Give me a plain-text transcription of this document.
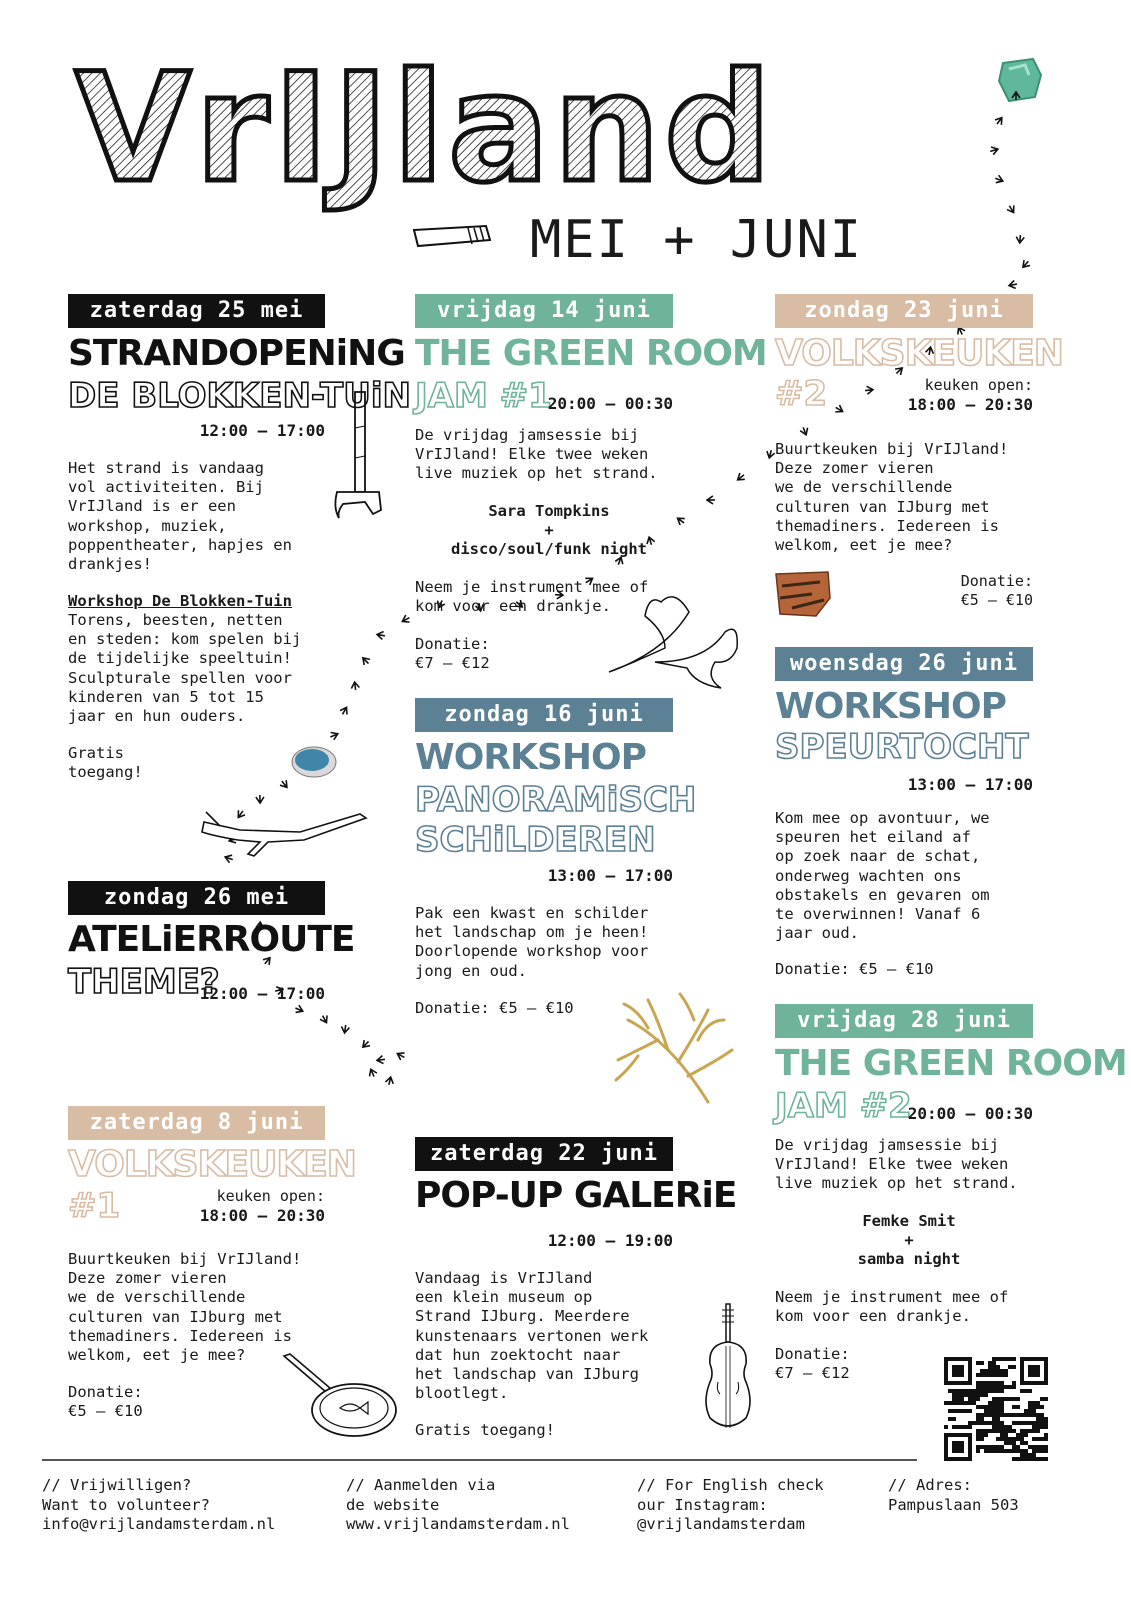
VrIJland
MEI + JUNI
zaterdag 25 mei
STRANDOPENiNG
DE BLOKKEN-TUiN
12:00 – 17:00
Het strand is vandaag
vol activiteiten. Bij
VrIJland is er een
workshop, muziek,
poppentheater, hapjes en
drankjes!
Workshop De Blokken-Tuin
Torens, beesten, netten
en steden: kom spelen bij
de tijdelijke speeltuin!
Sculpturale spellen voor
kinderen van 5 tot 15
jaar en hun ouders.
Gratis
toegang!
zondag 26 mei
ATELiERROUTE
THEME?
12:00 – 17:00
zaterdag 8 juni
VOLKSKEUKEN
#1	keuken open:
18:00 – 20:30
Buurtkeuken bij VrIJland!
Deze zomer vieren
we de verschillende
culturen van IJburg met
themadiners. Iedereen is
welkom, eet je mee?
Donatie:
€5 – €10
vrijdag 14 juni
THE GREEN ROOM
JAM #1
20:00 – 00:30
De vrijdag jamsessie bij
VrIJland! Elke twee weken
live muziek op het strand.
Sara Tompkins
+
disco/soul/funk night
Neem je instrument mee of
kom voor een drankje.
Donatie:
€7 – €12
zondag 16 juni
WORKSHOP
PANORAMiSCH
SCHiLDEREN
13:00 – 17:00
Pak een kwast en schilder
het landschap om je heen!
Doorlopende workshop voor
jong en oud.
Donatie: €5 – €10
zaterdag 22 juni
POP-UP GALERiE
12:00 – 19:00
Vandaag is VrIJland
een klein museum op
Strand IJburg. Meerdere
kunstenaars vertonen werk
dat hun zoektocht naar
het landschap van IJburg
blootlegt.
Gratis toegang!
zondag 23 juni
VOLKSKEUKEN
#2	keuken open:
18:00 – 20:30
Buurtkeuken bij VrIJland!
Deze zomer vieren
we de verschillende
culturen van IJburg met
themadiners. Iedereen is
welkom, eet je mee?
Donatie:
€5 – €10
woensdag 26 juni
WORKSHOP
SPEURTOCHT
13:00 – 17:00
Kom mee op avontuur, we
speuren het eiland af
op zoek naar de schat,
onderweg wachten ons
obstakels en gevaren om
te overwinnen! Vanaf 6
jaar oud.
Donatie: €5 – €10
vrijdag 28 juni
THE GREEN ROOM
JAM #2
20:00 – 00:30
De vrijdag jamsessie bij
VrIJland! Elke twee weken
live muziek op het strand.
Femke Smit
+
samba night
Neem je instrument mee of
kom voor een drankje.
Donatie:
€7 – €12
// Vrijwilligen?
Want to volunteer?
info@vrijlandamsterdam.nl
// Aanmelden via
de website
www.vrijlandamsterdam.nl
// For English check
our Instagram:
@vrijlandamsterdam
// Adres:
Pampuslaan 503
